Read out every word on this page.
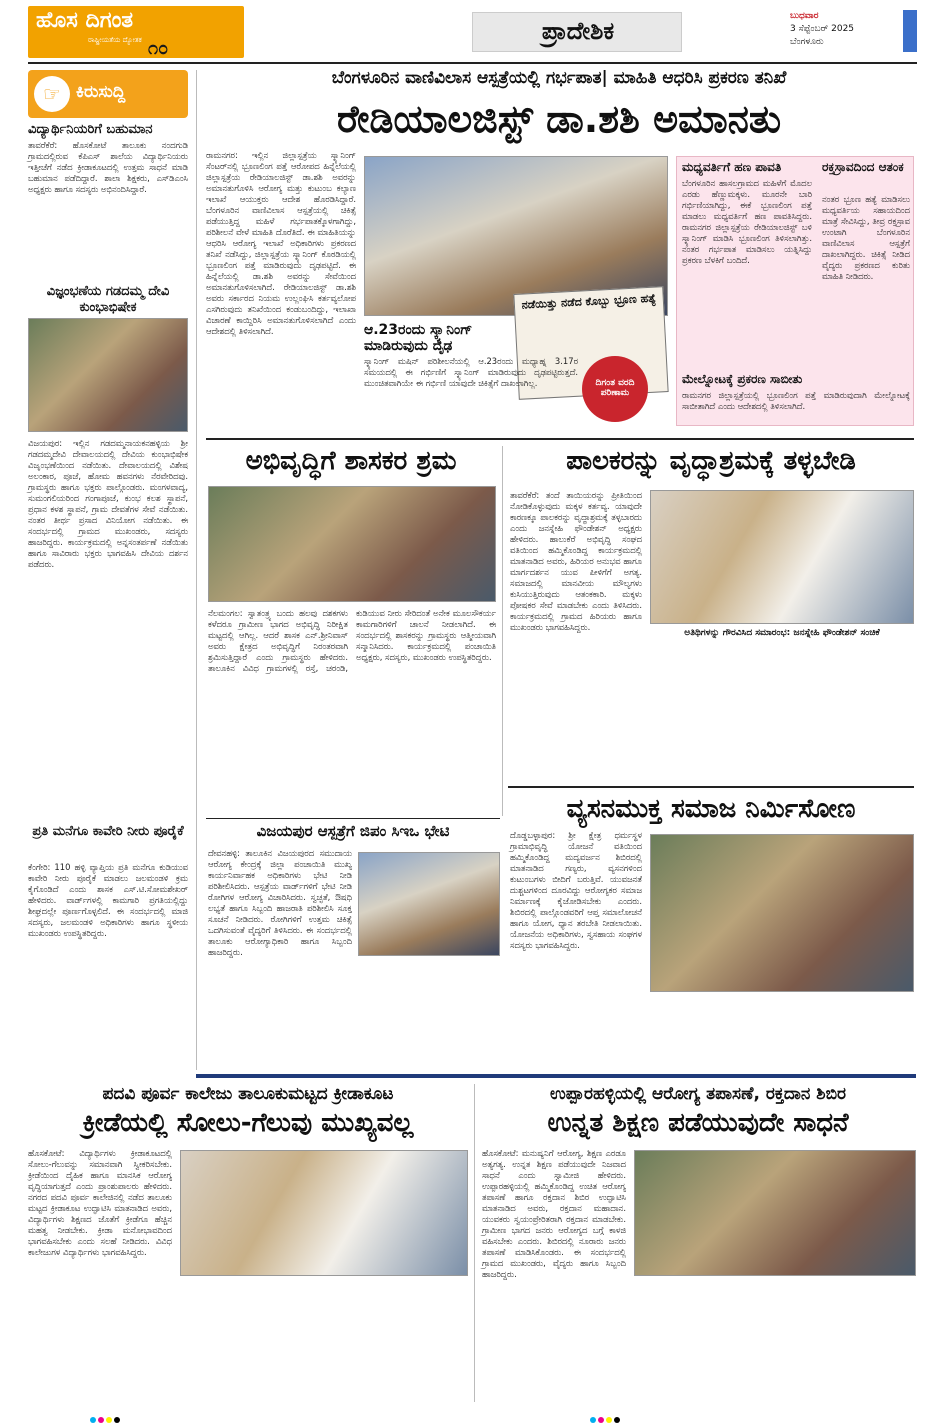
ಹೊಸ ದಿಗಂತ
ರಾಷ್ಟ್ರೀಯತೆಯ ದ್ಯೋತಕ ೧೦
ಪ್ರಾದೇಶಿಕ
ಬುಧವಾರ
3 ಸೆಪ್ಟೆಂಬರ್ 2025
ಬೆಂಗಳೂರು
☞ ಕಿರುಸುದ್ದಿ
ವಿದ್ಯಾರ್ಥಿನಿಯರಿಗೆ ಬಹುಮಾನ
ತಾವರೆಕೆರೆ: ಹೊಸಕೋಟೆ ತಾಲೂಕು ನಂದಗುಡಿ ಗ್ರಾಮದಲ್ಲಿರುವ ಕೆಪಿಎಸ್ ಶಾಲೆಯ ವಿದ್ಯಾರ್ಥಿನಿಯರು ಇತ್ತೀಚೆಗೆ ನಡೆದ ಕ್ರೀಡಾಕೂಟದಲ್ಲಿ ಉತ್ತಮ ಸಾಧನೆ ಮಾಡಿ ಬಹುಮಾನ ಪಡೆದಿದ್ದಾರೆ. ಶಾಲಾ ಶಿಕ್ಷಕರು, ಎಸ್‌ಡಿಎಂಸಿ ಅಧ್ಯಕ್ಷರು ಹಾಗೂ ಸದಸ್ಯರು ಅಭಿನಂದಿಸಿದ್ದಾರೆ.
ವಿಜ್ಞಂಭಣೆಯ ಗಡದಮ್ಮ ದೇವಿ ಕುಂಭಾಭಿಷೇಕ
ವಿಜಯಪುರ: ಇಲ್ಲಿನ ಗಡದಮ್ಮನಾಯಕನಹಳ್ಳಿಯ ಶ್ರೀ ಗಡದಮ್ಮದೇವಿ ದೇವಾಲಯದಲ್ಲಿ ದೇವಿಯ ಕುಂಭಾಭಿಷೇಕ ವಿಜೃಂಭಣೆಯಿಂದ ನಡೆಯಿತು. ದೇವಾಲಯದಲ್ಲಿ ವಿಶೇಷ ಅಲಂಕಾರ, ಪೂಜೆ, ಹೋಮ ಹವನಗಳು ನೆರವೇರಿದವು. ಗ್ರಾಮಸ್ಥರು ಹಾಗೂ ಭಕ್ತರು ಪಾಲ್ಗೊಂಡರು. ಮಂಗಳವಾದ್ಯ, ಸುಮಂಗಲಿಯರಿಂದ ಗಂಗಾಪೂಜೆ, ಕುಂಭ ಕಲಶ ಸ್ಥಾಪನೆ, ಪ್ರಧಾನ ಕಳಶ ಸ್ಥಾಪನೆ, ಗ್ರಾಮ ದೇವತೆಗಳ ಸೇವೆ ನಡೆಯಿತು. ನಂತರ ತೀರ್ಥ ಪ್ರಸಾದ ವಿನಿಯೋಗ ನಡೆಯಿತು. ಈ ಸಂದರ್ಭದಲ್ಲಿ ಗ್ರಾಮದ ಮುಖಂಡರು, ಸದಸ್ಯರು ಹಾಜರಿದ್ದರು. ಕಾರ್ಯಕ್ರಮದಲ್ಲಿ ಅನ್ನಸಂತರ್ಪಣೆ ನಡೆಯಿತು ಹಾಗೂ ಸಾವಿರಾರು ಭಕ್ತರು ಭಾಗವಹಿಸಿ ದೇವಿಯ ದರ್ಶನ ಪಡೆದರು.
ಪ್ರತಿ ಮನೆಗೂ ಕಾವೇರಿ ನೀರು ಪೂರೈಕೆ
ಕೆಂಗೇರಿ: 110 ಹಳ್ಳಿ ವ್ಯಾಪ್ತಿಯ ಪ್ರತಿ ಮನೆಗೂ ಕುಡಿಯುವ ಕಾವೇರಿ ನೀರು ಪೂರೈಕೆ ಮಾಡಲು ಜಲಮಂಡಳಿ ಕ್ರಮ ಕೈಗೊಂಡಿದೆ ಎಂದು ಶಾಸಕ ಎಸ್.ಟಿ.ಸೋಮಶೇಖರ್ ಹೇಳಿದರು. ವಾರ್ಡ್‌ಗಳಲ್ಲಿ ಕಾಮಗಾರಿ ಪ್ರಗತಿಯಲ್ಲಿದ್ದು ಶೀಘ್ರದಲ್ಲೇ ಪೂರ್ಣಗೊಳ್ಳಲಿದೆ. ಈ ಸಂದರ್ಭದಲ್ಲಿ ಮಾಜಿ ಸದಸ್ಯರು, ಜಲಮಂಡಳಿ ಅಧಿಕಾರಿಗಳು ಹಾಗೂ ಸ್ಥಳೀಯ ಮುಖಂಡರು ಉಪಸ್ಥಿತರಿದ್ದರು.
ಬೆಂಗಳೂರಿನ ವಾಣಿವಿಲಾಸ ಆಸ್ಪತ್ರೆಯಲ್ಲಿ ಗರ್ಭಪಾತ| ಮಾಹಿತಿ ಆಧರಿಸಿ ಪ್ರಕರಣ ತನಿಖೆ
ರೇಡಿಯಾಲಜಿಸ್ಟ್ ಡಾ.ಶಶಿ ಅಮಾನತು
ರಾಮನಗರ: ಇಲ್ಲಿನ ಜಿಲ್ಲಾಸ್ಪತ್ರೆಯ ಸ್ಕ್ಯಾನಿಂಗ್ ಸೆಂಟರ್‌ನಲ್ಲಿ ಭ್ರೂಣಲಿಂಗ ಪತ್ತೆ ಆರೋಪದ ಹಿನ್ನೆಲೆಯಲ್ಲಿ ಜಿಲ್ಲಾಸ್ಪತ್ರೆಯ ರೇಡಿಯಾಲಜಿಸ್ಟ್ ಡಾ.ಶಶಿ ಅವರನ್ನು ಅಮಾನತುಗೊಳಿಸಿ ಆರೋಗ್ಯ ಮತ್ತು ಕುಟುಂಬ ಕಲ್ಯಾಣ ಇಲಾಖೆ ಆಯುಕ್ತರು ಆದೇಶ ಹೊರಡಿಸಿದ್ದಾರೆ. ಬೆಂಗಳೂರಿನ ವಾಣಿವಿಲಾಸ ಆಸ್ಪತ್ರೆಯಲ್ಲಿ ಚಿಕಿತ್ಸೆ ಪಡೆಯುತ್ತಿದ್ದ ಮಹಿಳೆ ಗರ್ಭಪಾತಕ್ಕೊಳಗಾಗಿದ್ದು, ಪರಿಶೀಲನೆ ವೇಳೆ ಮಾಹಿತಿ ದೊರೆತಿದೆ. ಈ ಮಾಹಿತಿಯನ್ನು ಆಧರಿಸಿ ಆರೋಗ್ಯ ಇಲಾಖೆ ಅಧಿಕಾರಿಗಳು ಪ್ರಕರಣದ ತನಿಖೆ ನಡೆಸಿದ್ದು, ಜಿಲ್ಲಾಸ್ಪತ್ರೆಯ ಸ್ಕ್ಯಾನಿಂಗ್ ಕೊಠಡಿಯಲ್ಲಿ ಭ್ರೂಣಲಿಂಗ ಪತ್ತೆ ಮಾಡಿರುವುದು ದೃಢಪಟ್ಟಿದೆ. ಈ ಹಿನ್ನೆಲೆಯಲ್ಲಿ ಡಾ.ಶಶಿ ಅವರನ್ನು ಸೇವೆಯಿಂದ ಅಮಾನತುಗೊಳಿಸಲಾಗಿದೆ. ರೇಡಿಯಾಲಜಿಸ್ಟ್ ಡಾ.ಶಶಿ ಅವರು ಸರ್ಕಾರದ ನಿಯಮ ಉಲ್ಲಂಘಿಸಿ ಕರ್ತವ್ಯಲೋಪ ಎಸಗಿರುವುದು ತನಿಖೆಯಿಂದ ಕಂಡುಬಂದಿದ್ದು, ಇಲಾಖಾ ವಿಚಾರಣೆ ಕಾಯ್ದಿರಿಸಿ ಅಮಾನತುಗೊಳಿಸಲಾಗಿದೆ ಎಂದು ಆದೇಶದಲ್ಲಿ ತಿಳಿಸಲಾಗಿದೆ.
ನಡೆಯಿತ್ತು ನಡೆದ ಕೊಬ್ಬು ಭ್ರೂಣ ಹತ್ಯೆ
ದಿಗಂತ ವರದಿ ಪರಿಣಾಮ
ಆ.23ರಂದು ಸ್ಕ್ಯಾನಿಂಗ್ ಮಾಡಿರುವುದು ದೃಢ
ಸ್ಕ್ಯಾನಿಂಗ್ ಮಷಿನ್ ಪರಿಶೀಲನೆಯಲ್ಲಿ ಆ.23ರಂದು ಮಧ್ಯಾಹ್ನ 3.17ರ ಸಮಯದಲ್ಲಿ ಈ ಗರ್ಭಿಣಿಗೆ ಸ್ಕ್ಯಾನಿಂಗ್ ಮಾಡಿರುವುದು ದೃಢಪಟ್ಟಿರುತ್ತದೆ. ಮುಂಚಿತವಾಗಿಯೇ ಈ ಗರ್ಭಿಣಿ ಯಾವುದೇ ಚಿಕಿತ್ಸೆಗೆ ದಾಖಲಾಗಿಲ್ಲ.
ಮಧ್ಯವರ್ತಿಗೆ ಹಣ ಪಾವತಿ
ಬೆಂಗಳೂರಿನ ಹಾಸಲಗ್ರಾಮದ ಮಹಿಳೆಗೆ ಮೊದಲ ಎರಡು ಹೆಣ್ಣುಮಕ್ಕಳು. ಮೂರನೇ ಬಾರಿ ಗರ್ಭಿಣಿಯಾಗಿದ್ದು, ಈಕೆ ಭ್ರೂಣಲಿಂಗ ಪತ್ತೆ ಮಾಡಲು ಮಧ್ಯವರ್ತಿಗೆ ಹಣ ಪಾವತಿಸಿದ್ದರು. ರಾಮನಗರ ಜಿಲ್ಲಾಸ್ಪತ್ರೆಯ ರೇಡಿಯಾಲಜಿಸ್ಟ್ ಬಳಿ ಸ್ಕ್ಯಾನಿಂಗ್ ಮಾಡಿಸಿ ಭ್ರೂಣಲಿಂಗ ತಿಳಿಸಲಾಗಿತ್ತು. ನಂತರ ಗರ್ಭಪಾತ ಮಾಡಿಸಲು ಯತ್ನಿಸಿದ್ದು ಪ್ರಕರಣ ಬೆಳಕಿಗೆ ಬಂದಿದೆ.
ರಕ್ತಸ್ರಾವದಿಂದ ಆತಂಕ
ನಂತರ ಭ್ರೂಣ ಹತ್ಯೆ ಮಾಡಿಸಲು ಮಧ್ಯವರ್ತಿಯ ಸಹಾಯದಿಂದ ಮಾತ್ರೆ ಸೇವಿಸಿದ್ದು, ತೀವ್ರ ರಕ್ತಸ್ರಾವ ಉಂಟಾಗಿ ಬೆಂಗಳೂರಿನ ವಾಣಿವಿಲಾಸ ಆಸ್ಪತ್ರೆಗೆ ದಾಖಲಾಗಿದ್ದರು. ಚಿಕಿತ್ಸೆ ನೀಡಿದ ವೈದ್ಯರು ಪ್ರಕರಣದ ಕುರಿತು ಮಾಹಿತಿ ನೀಡಿದರು.
ಮೇಲ್ನೋಟಕ್ಕೆ ಪ್ರಕರಣ ಸಾಬೀತು
ರಾಮನಗರ ಜಿಲ್ಲಾಸ್ಪತ್ರೆಯಲ್ಲಿ ಭ್ರೂಣಲಿಂಗ ಪತ್ತೆ ಮಾಡಿರುವುದಾಗಿ ಮೇಲ್ನೋಟಕ್ಕೆ ಸಾಬೀತಾಗಿದೆ ಎಂದು ಆದೇಶದಲ್ಲಿ ತಿಳಿಸಲಾಗಿದೆ.
ಅಭಿವೃದ್ಧಿಗೆ ಶಾಸಕರ ಶ್ರಮ
ನೆಲಮಂಗಲ: ಸ್ವಾತಂತ್ರ್ಯ ಬಂದು ಹಲವು ದಶಕಗಳು ಕಳೆದರೂ ಗ್ರಾಮೀಣ ಭಾಗದ ಅಭಿವೃದ್ಧಿ ನಿರೀಕ್ಷಿತ ಮಟ್ಟದಲ್ಲಿ ಆಗಿಲ್ಲ. ಆದರೆ ಶಾಸಕ ಎನ್.ಶ್ರೀನಿವಾಸ್ ಅವರು ಕ್ಷೇತ್ರದ ಅಭಿವೃದ್ಧಿಗೆ ನಿರಂತರವಾಗಿ ಶ್ರಮಿಸುತ್ತಿದ್ದಾರೆ ಎಂದು ಗ್ರಾಮಸ್ಥರು ಹೇಳಿದರು. ತಾಲೂಕಿನ ವಿವಿಧ ಗ್ರಾಮಗಳಲ್ಲಿ ರಸ್ತೆ, ಚರಂಡಿ, ಕುಡಿಯುವ ನೀರು ಸೇರಿದಂತೆ ಅನೇಕ ಮೂಲಸೌಕರ್ಯ ಕಾಮಗಾರಿಗಳಿಗೆ ಚಾಲನೆ ನೀಡಲಾಗಿದೆ. ಈ ಸಂದರ್ಭದಲ್ಲಿ ಶಾಸಕರನ್ನು ಗ್ರಾಮಸ್ಥರು ಆತ್ಮೀಯವಾಗಿ ಸನ್ಮಾನಿಸಿದರು. ಕಾರ್ಯಕ್ರಮದಲ್ಲಿ ಪಂಚಾಯಿತಿ ಅಧ್ಯಕ್ಷರು, ಸದಸ್ಯರು, ಮುಖಂಡರು ಉಪಸ್ಥಿತರಿದ್ದರು.
ಪಾಲಕರನ್ನು ವೃದ್ಧಾಶ್ರಮಕ್ಕೆ ತಳ್ಳಬೇಡಿ
ತಾವರೆಕೆರೆ: ತಂದೆ ತಾಯಿಯರನ್ನು ಪ್ರೀತಿಯಿಂದ ನೋಡಿಕೊಳ್ಳುವುದು ಮಕ್ಕಳ ಕರ್ತವ್ಯ. ಯಾವುದೇ ಕಾರಣಕ್ಕೂ ಪಾಲಕರನ್ನು ವೃದ್ಧಾಶ್ರಮಕ್ಕೆ ತಳ್ಳಬಾರದು ಎಂದು ಜನಸ್ನೇಹಿ ಫೌಂಡೇಶನ್ ಅಧ್ಯಕ್ಷರು ಹೇಳಿದರು. ಹಾಲುಕೆರೆ ಅಭಿವೃದ್ಧಿ ಸಂಘದ ವತಿಯಿಂದ ಹಮ್ಮಿಕೊಂಡಿದ್ದ ಕಾರ್ಯಕ್ರಮದಲ್ಲಿ ಮಾತನಾಡಿದ ಅವರು, ಹಿರಿಯರ ಅನುಭವ ಹಾಗೂ ಮಾರ್ಗದರ್ಶನ ಯುವ ಪೀಳಿಗೆಗೆ ಅಗತ್ಯ. ಸಮಾಜದಲ್ಲಿ ಮಾನವೀಯ ಮೌಲ್ಯಗಳು ಕುಸಿಯುತ್ತಿರುವುದು ಆತಂಕಕಾರಿ. ಮಕ್ಕಳು ಪೋಷಕರ ಸೇವೆ ಮಾಡಬೇಕು ಎಂದು ತಿಳಿಸಿದರು. ಕಾರ್ಯಕ್ರಮದಲ್ಲಿ ಗ್ರಾಮದ ಹಿರಿಯರು ಹಾಗೂ ಮುಖಂಡರು ಭಾಗವಹಿಸಿದ್ದರು.
ಅತಿಥಿಗಳನ್ನು ಗೌರವಿಸಿದ ಸಮಾರಂಭ: ಜನಸ್ನೇಹಿ ಫೌಂಡೇಶನ್ ಸಂಚಿಕೆ
ವಿಜಯಪುರ ಆಸ್ಪತ್ರೆಗೆ ಜಿಪಂ ಸಿಇಒ ಭೇಟಿ
ದೇವನಹಳ್ಳಿ: ತಾಲೂಕಿನ ವಿಜಯಪುರದ ಸಮುದಾಯ ಆರೋಗ್ಯ ಕೇಂದ್ರಕ್ಕೆ ಜಿಲ್ಲಾ ಪಂಚಾಯಿತಿ ಮುಖ್ಯ ಕಾರ್ಯನಿರ್ವಾಹಕ ಅಧಿಕಾರಿಗಳು ಭೇಟಿ ನೀಡಿ ಪರಿಶೀಲಿಸಿದರು. ಆಸ್ಪತ್ರೆಯ ವಾರ್ಡ್‌ಗಳಿಗೆ ಭೇಟಿ ನೀಡಿ ರೋಗಿಗಳ ಆರೋಗ್ಯ ವಿಚಾರಿಸಿದರು. ಸ್ವಚ್ಛತೆ, ಔಷಧಿ ಲಭ್ಯತೆ ಹಾಗೂ ಸಿಬ್ಬಂದಿ ಹಾಜರಾತಿ ಪರಿಶೀಲಿಸಿ ಸೂಕ್ತ ಸೂಚನೆ ನೀಡಿದರು. ರೋಗಿಗಳಿಗೆ ಉತ್ತಮ ಚಿಕಿತ್ಸೆ ಒದಗಿಸುವಂತೆ ವೈದ್ಯರಿಗೆ ತಿಳಿಸಿದರು. ಈ ಸಂದರ್ಭದಲ್ಲಿ ತಾಲೂಕು ಆರೋಗ್ಯಾಧಿಕಾರಿ ಹಾಗೂ ಸಿಬ್ಬಂದಿ ಹಾಜರಿದ್ದರು.
ವ್ಯಸನಮುಕ್ತ ಸಮಾಜ ನಿರ್ಮಿಸೋಣ
ದೊಡ್ಡಬಳ್ಳಾಪುರ: ಶ್ರೀ ಕ್ಷೇತ್ರ ಧರ್ಮಸ್ಥಳ ಗ್ರಾಮಾಭಿವೃದ್ಧಿ ಯೋಜನೆ ವತಿಯಿಂದ ಹಮ್ಮಿಕೊಂಡಿದ್ದ ಮದ್ಯವರ್ಜನ ಶಿಬಿರದಲ್ಲಿ ಮಾತನಾಡಿದ ಗಣ್ಯರು, ವ್ಯಸನಗಳಿಂದ ಕುಟುಂಬಗಳು ಬೀದಿಗೆ ಬರುತ್ತಿವೆ. ಯುವಜನತೆ ದುಶ್ಚಟಗಳಿಂದ ದೂರವಿದ್ದು ಆರೋಗ್ಯಕರ ಸಮಾಜ ನಿರ್ಮಾಣಕ್ಕೆ ಕೈಜೋಡಿಸಬೇಕು ಎಂದರು. ಶಿಬಿರದಲ್ಲಿ ಪಾಲ್ಗೊಂಡವರಿಗೆ ಆಪ್ತ ಸಮಾಲೋಚನೆ ಹಾಗೂ ಯೋಗ, ಧ್ಯಾನ ತರಬೇತಿ ನೀಡಲಾಯಿತು. ಯೋಜನೆಯ ಅಧಿಕಾರಿಗಳು, ಸ್ವಸಹಾಯ ಸಂಘಗಳ ಸದಸ್ಯರು ಭಾಗವಹಿಸಿದ್ದರು.
ಪದವಿ ಪೂರ್ವ ಕಾಲೇಜು ತಾಲೂಕುಮಟ್ಟದ ಕ್ರೀಡಾಕೂಟ
ಕ್ರೀಡೆಯಲ್ಲಿ ಸೋಲು-ಗೆಲುವು ಮುಖ್ಯವಲ್ಲ
ಹೊಸಕೋಟೆ: ವಿದ್ಯಾರ್ಥಿಗಳು ಕ್ರೀಡಾಕೂಟದಲ್ಲಿ ಸೋಲು-ಗೆಲುವನ್ನು ಸಮಾನವಾಗಿ ಸ್ವೀಕರಿಸಬೇಕು. ಕ್ರೀಡೆಯಿಂದ ದೈಹಿಕ ಹಾಗೂ ಮಾನಸಿಕ ಆರೋಗ್ಯ ವೃದ್ಧಿಯಾಗುತ್ತದೆ ಎಂದು ಪ್ರಾಂಶುಪಾಲರು ಹೇಳಿದರು. ನಗರದ ಪದವಿ ಪೂರ್ವ ಕಾಲೇಜಿನಲ್ಲಿ ನಡೆದ ತಾಲೂಕು ಮಟ್ಟದ ಕ್ರೀಡಾಕೂಟ ಉದ್ಘಾಟಿಸಿ ಮಾತನಾಡಿದ ಅವರು, ವಿದ್ಯಾರ್ಥಿಗಳು ಶಿಕ್ಷಣದ ಜೊತೆಗೆ ಕ್ರೀಡೆಗೂ ಹೆಚ್ಚಿನ ಮಹತ್ವ ನೀಡಬೇಕು. ಕ್ರೀಡಾ ಮನೋಭಾವದಿಂದ ಭಾಗವಹಿಸಬೇಕು ಎಂದು ಸಲಹೆ ನೀಡಿದರು. ವಿವಿಧ ಕಾಲೇಜುಗಳ ವಿದ್ಯಾರ್ಥಿಗಳು ಭಾಗವಹಿಸಿದ್ದರು.
ಉಪ್ಪಾರಹಳ್ಳಿಯಲ್ಲಿ ಆರೋಗ್ಯ ತಪಾಸಣೆ, ರಕ್ತದಾನ ಶಿಬಿರ
ಉನ್ನತ ಶಿಕ್ಷಣ ಪಡೆಯುವುದೇ ಸಾಧನೆ
ಹೊಸಕೋಟೆ: ಮನುಷ್ಯನಿಗೆ ಆರೋಗ್ಯ, ಶಿಕ್ಷಣ ಎರಡೂ ಅತ್ಯಗತ್ಯ. ಉನ್ನತ ಶಿಕ್ಷಣ ಪಡೆಯುವುದೇ ನಿಜವಾದ ಸಾಧನೆ ಎಂದು ಸ್ವಾಮೀಜಿ ಹೇಳಿದರು. ಉಪ್ಪಾರಹಳ್ಳಿಯಲ್ಲಿ ಹಮ್ಮಿಕೊಂಡಿದ್ದ ಉಚಿತ ಆರೋಗ್ಯ ತಪಾಸಣೆ ಹಾಗೂ ರಕ್ತದಾನ ಶಿಬಿರ ಉದ್ಘಾಟಿಸಿ ಮಾತನಾಡಿದ ಅವರು, ರಕ್ತದಾನ ಮಹಾದಾನ. ಯುವಕರು ಸ್ವಯಂಪ್ರೇರಿತರಾಗಿ ರಕ್ತದಾನ ಮಾಡಬೇಕು. ಗ್ರಾಮೀಣ ಭಾಗದ ಜನರು ಆರೋಗ್ಯದ ಬಗ್ಗೆ ಕಾಳಜಿ ವಹಿಸಬೇಕು ಎಂದರು. ಶಿಬಿರದಲ್ಲಿ ನೂರಾರು ಜನರು ತಪಾಸಣೆ ಮಾಡಿಸಿಕೊಂಡರು. ಈ ಸಂದರ್ಭದಲ್ಲಿ ಗ್ರಾಮದ ಮುಖಂಡರು, ವೈದ್ಯರು ಹಾಗೂ ಸಿಬ್ಬಂದಿ ಹಾಜರಿದ್ದರು.
